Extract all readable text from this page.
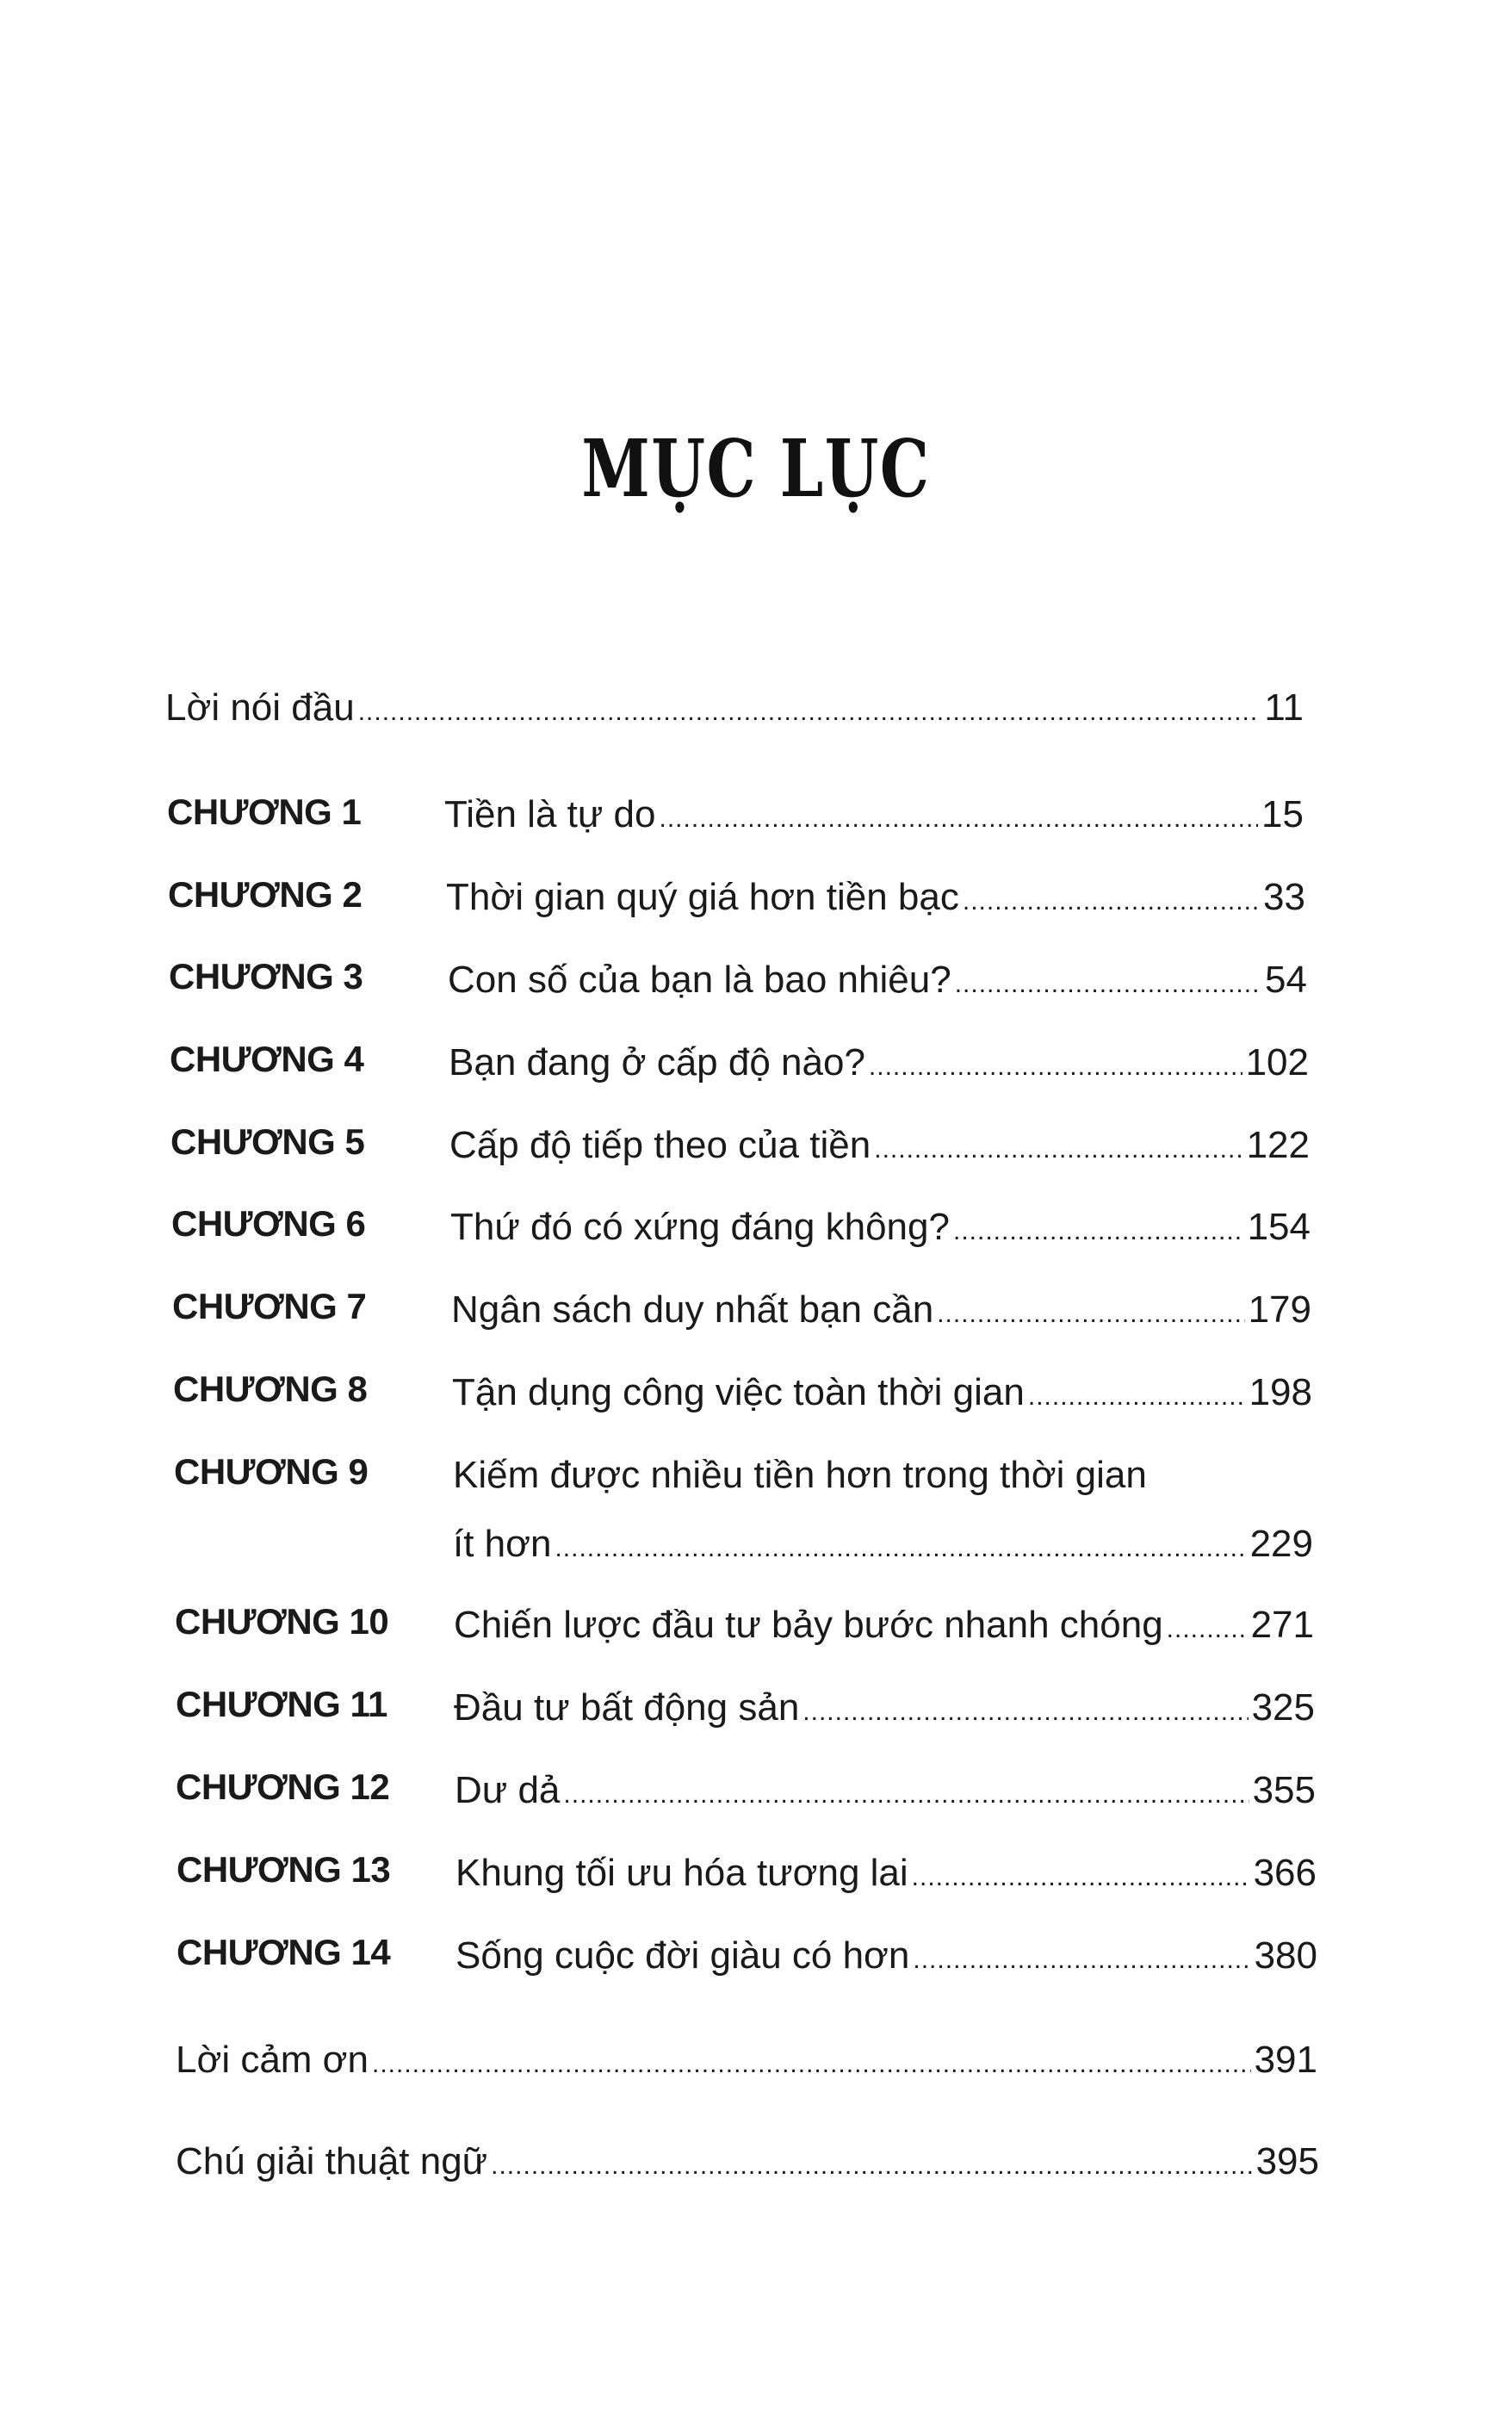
MỤC LỤC
Lời nói đầu .....	11
CHƯƠNG 1 Tiền là tự do .....	15
CHƯƠNG 2 Thời gian quý giá hơn tiền bạc .....	33
CHƯƠNG 3 Con số của bạn là bao nhiêu? .....	54
CHƯƠNG 4 Bạn đang ở cấp độ nào? .....	102
CHƯƠNG 5 Cấp độ tiếp theo của tiền .....	122
CHƯƠNG 6 Thứ đó có xứng đáng không? .....	154
CHƯƠNG 7 Ngân sách duy nhất bạn cần .....	179
CHƯƠNG 8 Tận dụng công việc toàn thời gian .....	198
CHƯƠNG 9 Kiếm được nhiều tiền hơn trong thời gian
ít hơn .....	229
CHƯƠNG 10 Chiến lược đầu tư bảy bước nhanh chóng ..... 271
CHƯƠNG 11 Đầu tư bất động sản .....	325
CHƯƠNG 12 Dư dả .....	355
CHƯƠNG 13 Khung tối ưu hóa tương lai .....	366
CHƯƠNG 14 Sống cuộc đời giàu có hơn .....	380
Lời cảm ơn .....	391
Chú giải thuật ngữ .....	395
